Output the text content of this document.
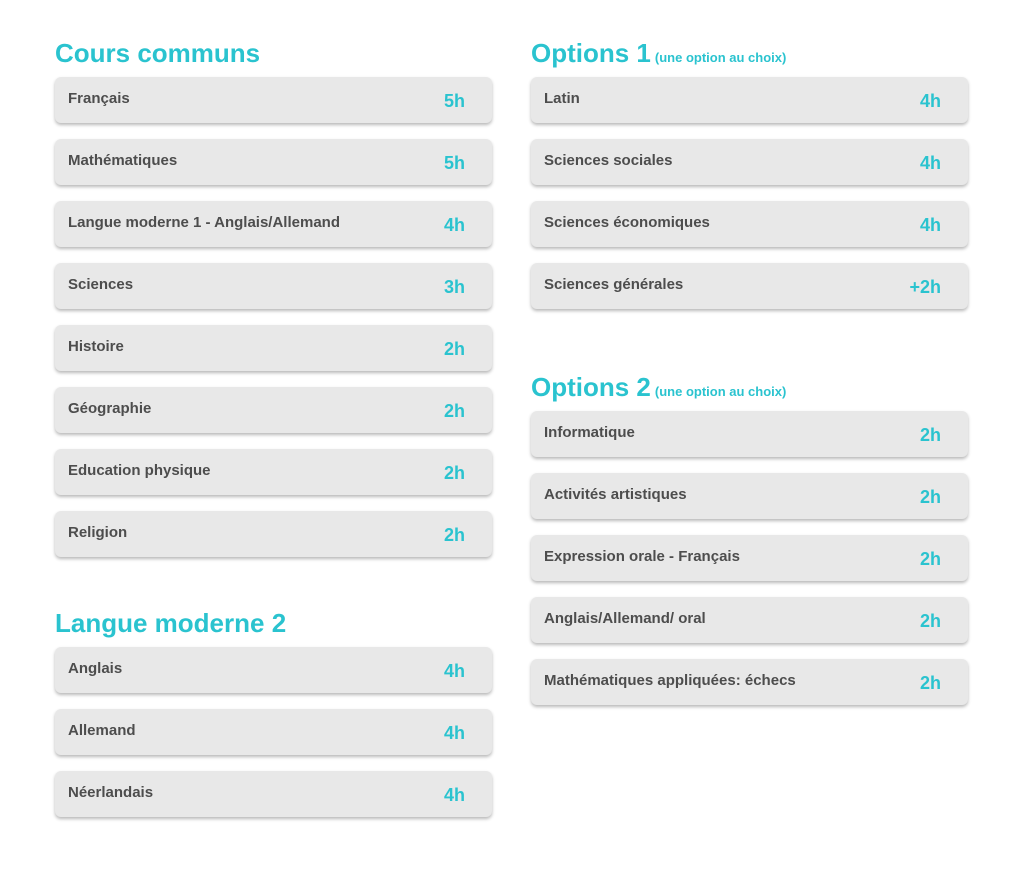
Cours communs
Français	5h
Mathématiques	5h
Langue moderne 1 - Anglais/Allemand	4h
Sciences	3h
Histoire	2h
Géographie	2h
Education physique	2h
Religion	2h
Langue moderne 2
Anglais	4h
Allemand	4h
Néerlandais	4h
Options 1 (une option au choix)
Latin	4h
Sciences sociales	4h
Sciences économiques	4h
Sciences générales	+2h
Options 2 (une option au choix)
Informatique	2h
Activités artistiques	2h
Expression orale - Français	2h
Anglais/Allemand/ oral	2h
Mathématiques appliquées: échecs	2h
